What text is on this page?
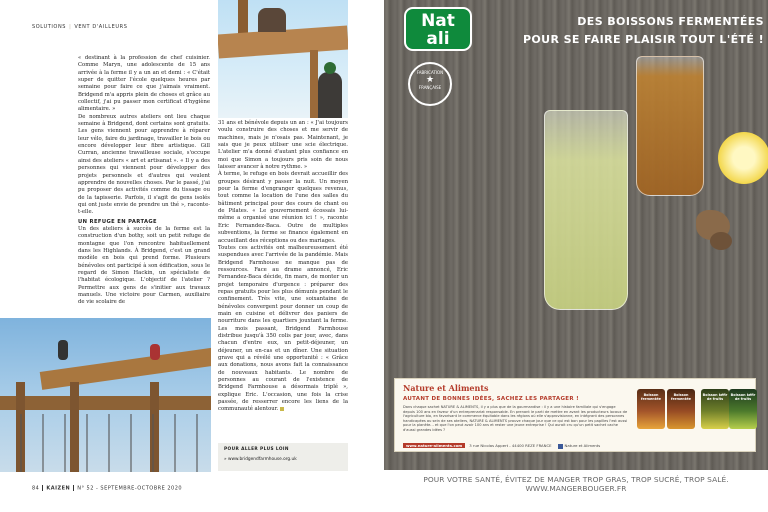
SOLUTIONS | VENT D'AILLEURS

« destinant à la profession de chef cuisinier. Comme Maryn, une adolescente de 15 ans arrivée à la ferme il y a un an et demi : « C'était super de quitter l'école quelques heures par semaine pour faire ce que j'aimais vraiment. Bridgend m'a appris plein de choses et grâce au collectif, j'ai pu passer mon certificat d'hygiène alimentaire. »

De nombreux autres ateliers ont lieu chaque semaine à Bridgend, dont certains sont gratuits. Les gens viennent pour apprendre à réparer leur vélo, faire du jardinage, travailler le bois ou encore développer leur fibre artistique. Gill Curran, ancienne travailleuse sociale, s'occupe ainsi des ateliers « art et artisanat ». « Il y a des personnes qui viennent pour développer des projets personnels et d'autres qui veulent apprendre de nouvelles choses. Par le passé, j'ai pu proposer des activités comme du tissage ou de la tapisserie. Parfois, il s'agit de gens isolés qui ont juste envie de prendre un thé », raconte-t-elle.

UN REFUGE EN PARTAGE

Un des ateliers à succès de la ferme est la construction d'un bothy, soit un petit refuge de montagne que l'on rencontre habituellement dans les Highlands. À Bridgend, c'est un grand modèle en bois qui prend forme. Plusieurs bénévoles ont participé à son édification, sous le regard de Simon Hackin, un spécialiste de l'habitat écologique. L'objectif de l'atelier ? Permettre aux gens de s'initier aux travaux manuels. Une victoire pour Carmen, auxiliaire de vie scolaire de

31 ans et bénévole depuis un an : « J'ai toujours voulu construire des choses et me servir de machines, mais je n'osais pas. Maintenant, je sais que je peux utiliser une scie électrique. L'atelier m'a donné d'autant plus confiance en moi que Simon a toujours pris soin de nous laisser avancer à notre rythme. »

À terme, le refuge en bois devrait accueillir des groupes désirant y passer la nuit. Un moyen pour la ferme d'engranger quelques revenus, tout comme la location de l'une des salles du bâtiment principal pour des cours de chant ou de Pilates. « Le gouvernement écossais lui-même a organisé une réunion ici ! », raconte Eric Fernandez-Baca. Outre de multiples subventions, la ferme se finance également en accueillant des réceptions ou des mariages.

Toutes ces activités ont malheureusement été suspendues avec l'arrivée de la pandémie. Mais Bridgend Farmhouse ne manque pas de ressources. Face au drame annoncé, Eric Fernandez-Baca décide, fin mars, de monter un projet temporaire d'urgence : préparer des repas gratuits pour les plus démunis pendant le confinement. Très vite, une soixantaine de bénévoles convergent pour donner un coup de main en cuisine et délivrer des paniers de nourriture dans les quartiers jouxtant la ferme. Les mois passant, Bridgend Farmhouse distribue jusqu'à 350 colis par jour, avec, dans chacun d'entre eux, un petit-déjeuner, un déjeuner, un en-cas et un dîner. Une situation grave qui a révélé une opportunité : « Grâce aux donations, nous avons fait la connaissance de nouveaux habitants. Le nombre de personnes au courant de l'existence de Bridgend Farmhouse a désormais triplé », explique Eric. L'occasion, une fois la crise passée, de resserrer encore les liens de la communauté alentour.

POUR ALLER PLUS LOIN
» www.bridgendfarmhouse.org.uk
84 KAIZEN N° 52 - SEPTEMBRE-OCTOBRE 2020
Nat
ali
DES BOISSONS FERMENTÉES
POUR SE FAIRE PLAISIR TOUT L'ÉTÉ !
FABRICATION
★
FRANÇAISE
Nature et Aliments
AUTANT DE BONNES IDÉES, SACHEZ LES PARTAGER !
Dans chaque sachet NATURE & ALIMENTS, il y a plus que de la gourmandise : il y a une histoire familiale qui s'engage depuis 100 ans en faveur d'un entreprenariat responsable. En prenant le parti de mettre en avant les producteurs locaux de l'agriculture bio, en favorisant le commerce équitable dans les régions où elle s'approvisionne, en intégrant des personnes handicapées au sein de ses ateliers, NATURE & ALIMENTS prouve chaque jour que ce qui est bon pour les papilles l'est aussi pour la planète... et que l'on peut avoir 100 ans et rester une jeune entreprise ! Qui aurait cru qu'un petit sachet cache d'aussi grandes idées ?
www.nature-aliments.com 3 rue Nicolas Appert - 44400 REZE FRANCE	Nature et Aliments
Boisson fermentée
Boisson fermentée
Boisson kéfir de fruits
Boisson kéfir de fruits
POUR VOTRE SANTÉ, ÉVITEZ DE MANGER TROP GRAS, TROP SUCRÉ, TROP SALÉ. WWW.MANGERBOUGER.FR
